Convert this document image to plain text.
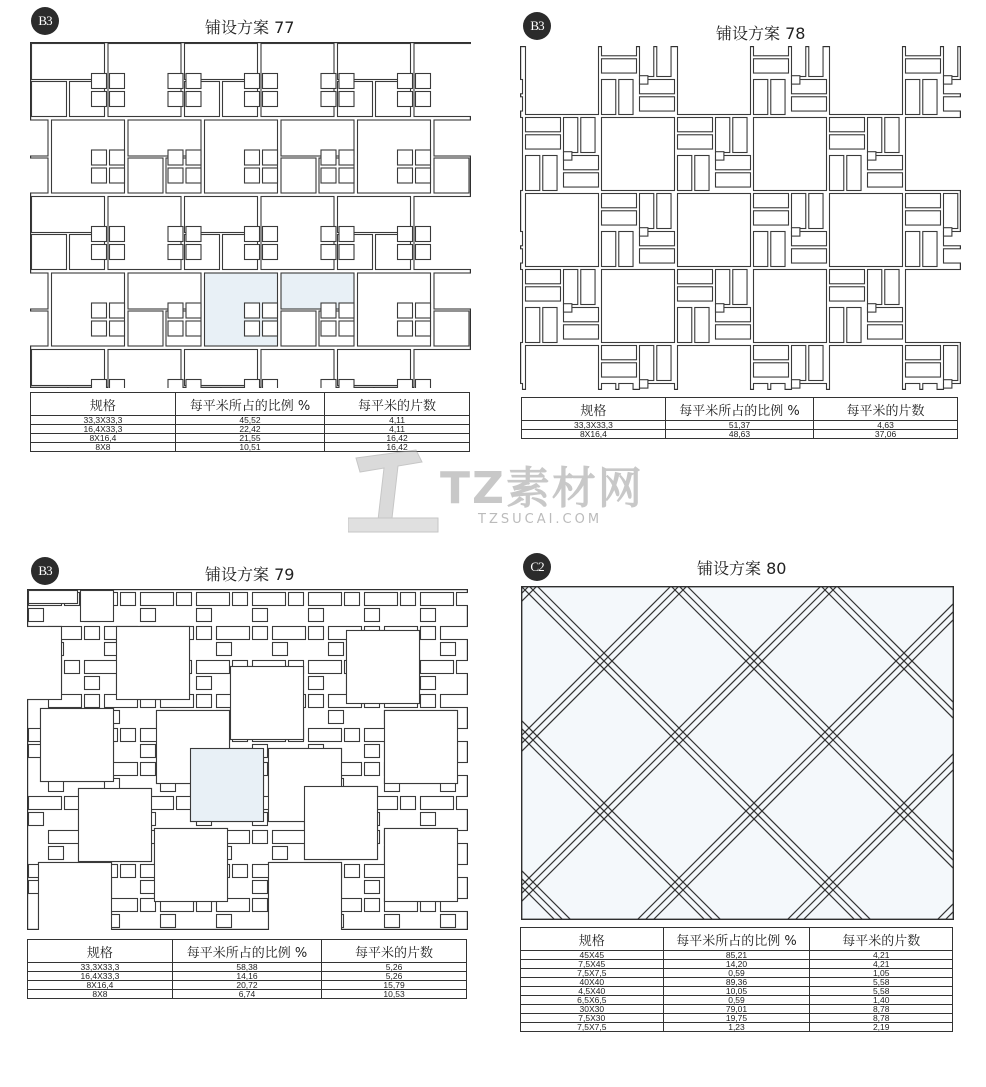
B3	铺设方案 77
规格	每平米所占的比例 %	每平米的片数
33,3X33,3	45,52	4,11
16,4X33,3	22,42	4,11
8X16,4	21,55	16,42
8X8	10,51	16,42
B3	铺设方案 78
规格	每平米所占的比例 %	每平米的片数
33,3X33,3	51,37	4,63
8X16,4	48,63	37,06
B3	铺设方案 79
规格	每平米所占的比例 %	每平米的片数
33,3X33,3	58,38	5,26
16,4X33,3	14,16	5,26
8X16,4	20,72	15,79
8X8	6,74	10,53
C2	铺设方案 80
规格	每平米所占的比例 %	每平米的片数
45X45	85,21	4,21
7,5X45	14,20	4,21
7,5X7,5	0,59	1,05
40X40	89,36	5,58
4,5X40	10,05	5,58
6,5X6,5	0,59	1,40
30X30	79,01	8,78
7,5X30	19,75	8,78
7,5X7,5	1,23	2,19
TZ素材网
TZSUCAI.COM
